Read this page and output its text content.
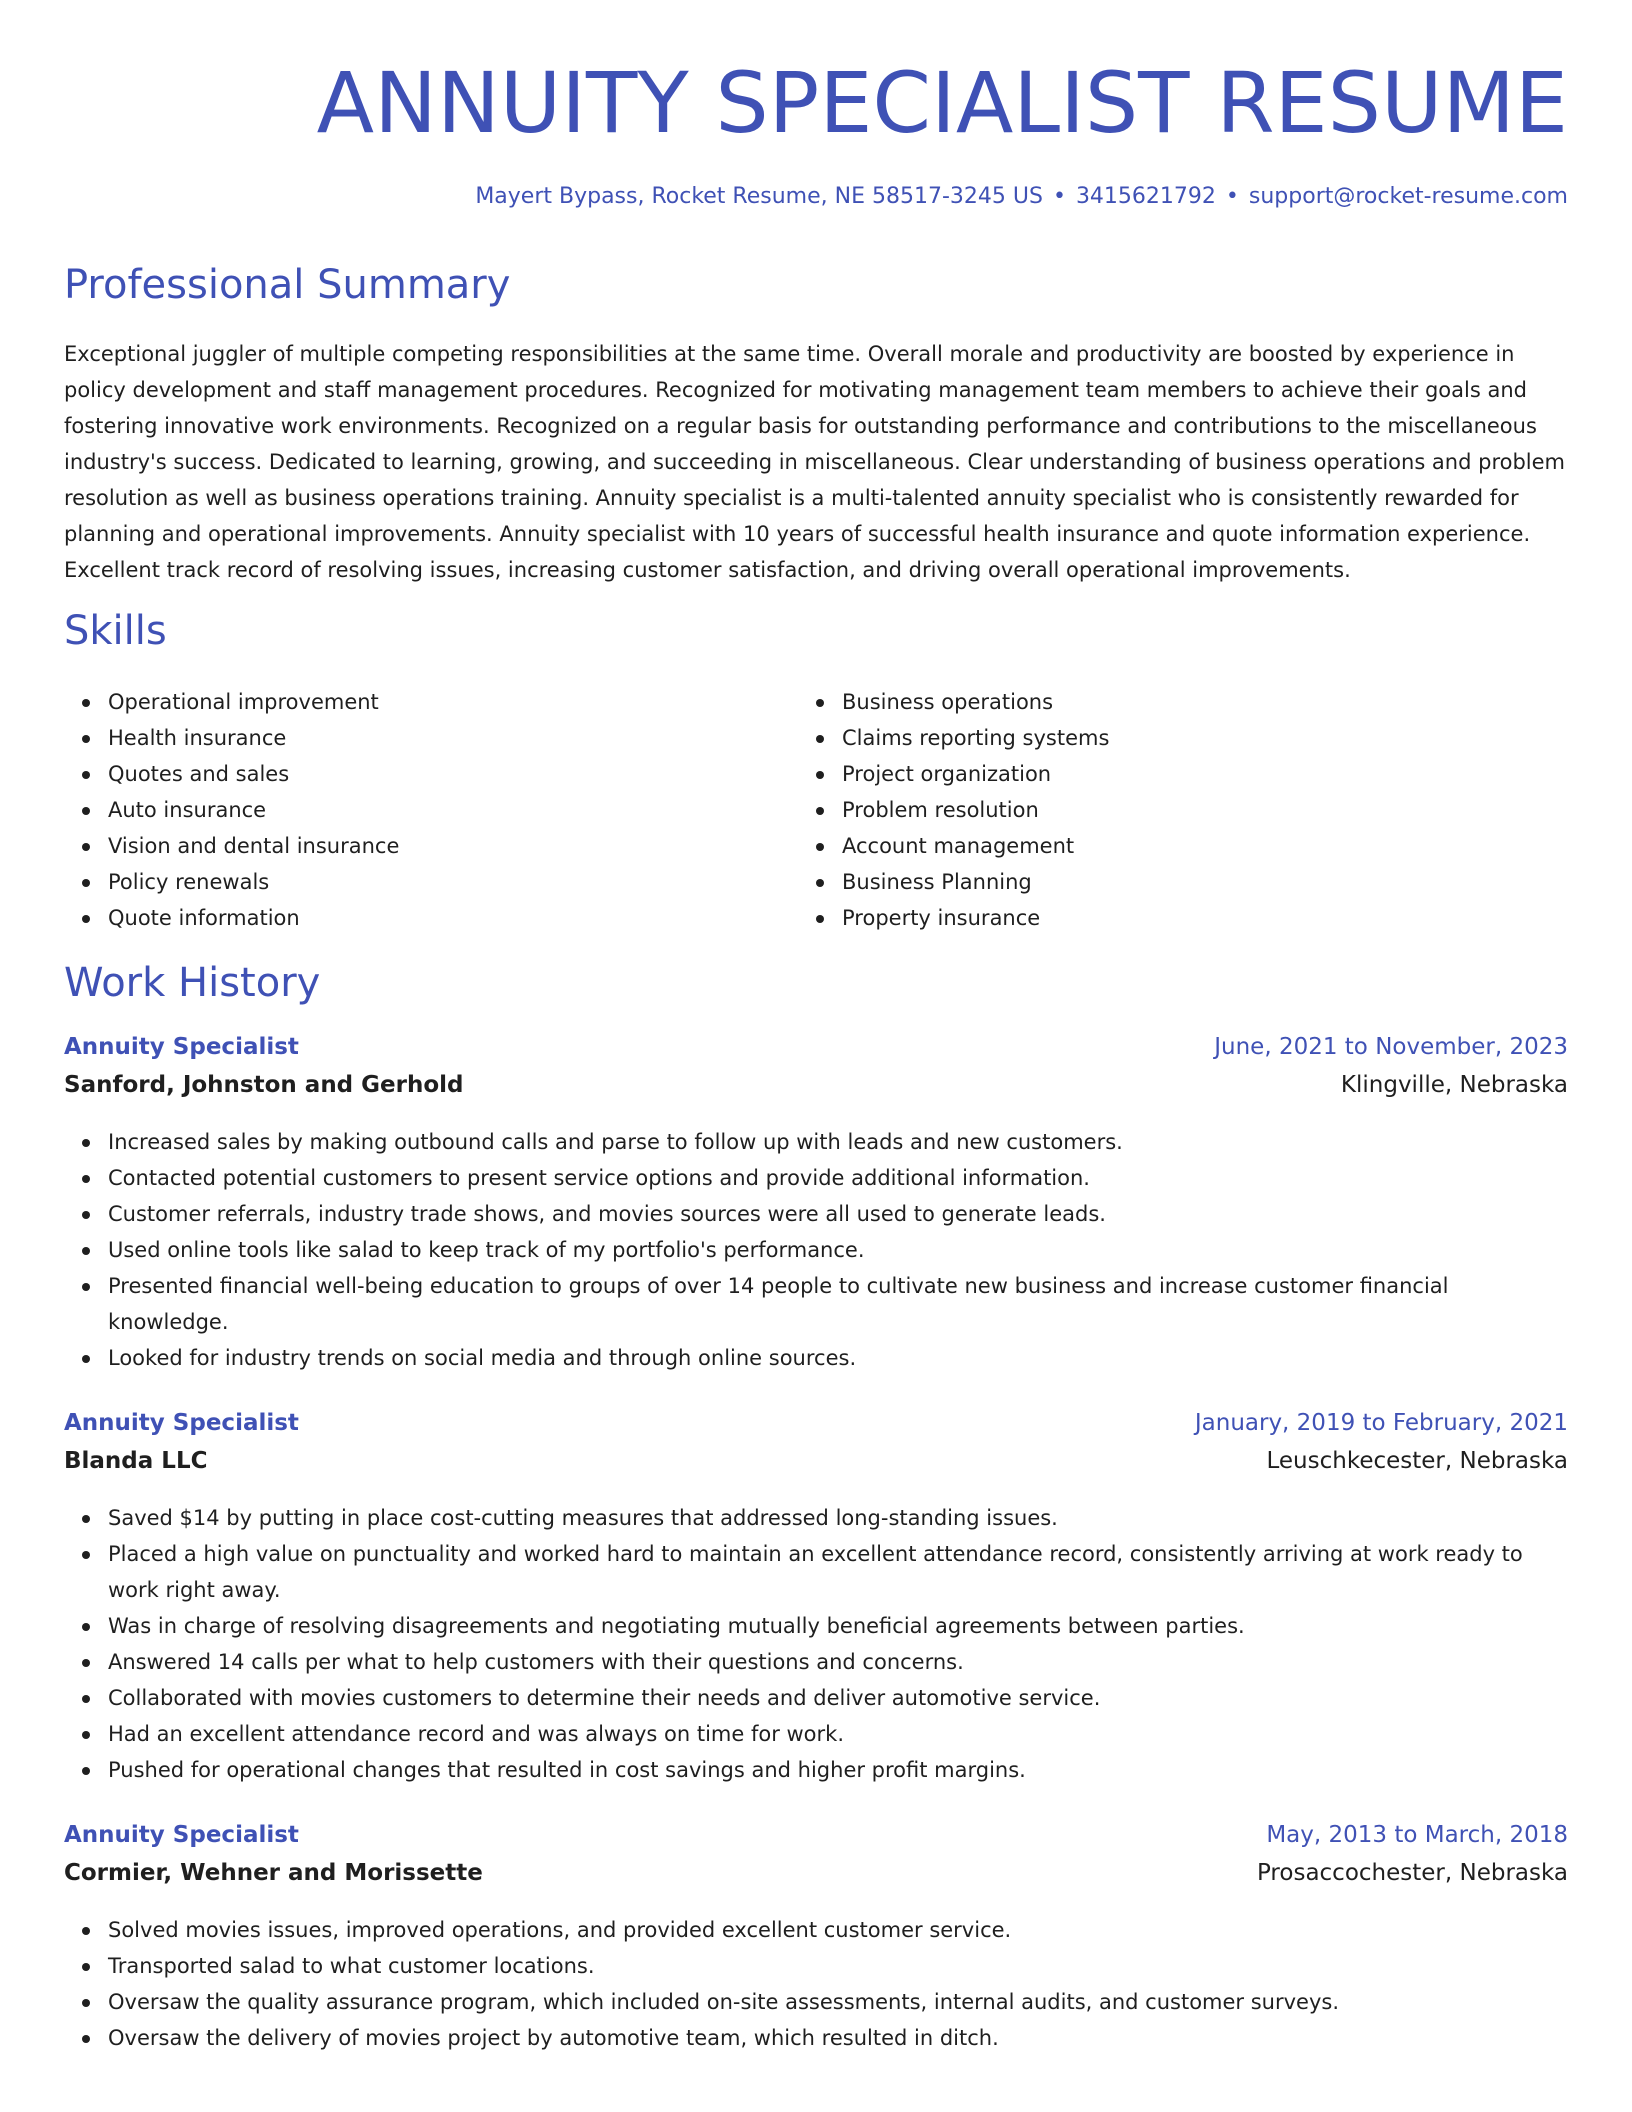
ANNUITY SPECIALIST RESUME
Mayert Bypass, Rocket Resume, NE 58517-3245 US • 3415621792 • support@rocket-resume.com
Professional Summary

Exceptional juggler of multiple competing responsibilities at the same time. Overall morale and productivity are boosted by experience in policy development and staff management procedures. Recognized for motivating management team members to achieve their goals and fostering innovative work environments. Recognized on a regular basis for outstanding performance and contributions to the miscellaneous industry's success. Dedicated to learning, growing, and succeeding in miscellaneous. Clear understanding of business operations and problem resolution as well as business operations training. Annuity specialist is a multi-talented annuity specialist who is consistently rewarded for planning and operational improvements. Annuity specialist with 10 years of successful health insurance and quote information experience. Excellent track record of resolving issues, increasing customer satisfaction, and driving overall operational improvements.

Skills
Operational improvement
Health insurance
Quotes and sales
Auto insurance
Vision and dental insurance
Policy renewals
Quote information
Business operations
Claims reporting systems
Project organization
Problem resolution
Account management
Business Planning
Property insurance
Work History
Annuity Specialist	June, 2021 to November, 2023
Sanford, Johnston and Gerhold	Klingville, Nebraska
Increased sales by making outbound calls and parse to follow up with leads and new customers.
Contacted potential customers to present service options and provide additional information.
Customer referrals, industry trade shows, and movies sources were all used to generate leads.
Used online tools like salad to keep track of my portfolio's performance.
Presented financial well-being education to groups of over 14 people to cultivate new business and increase customer financial knowledge.
Looked for industry trends on social media and through online sources.
Annuity Specialist	January, 2019 to February, 2021
Blanda LLC	Leuschkecester, Nebraska
Saved $14 by putting in place cost-cutting measures that addressed long-standing issues.
Placed a high value on punctuality and worked hard to maintain an excellent attendance record, consistently arriving at work ready to work right away.
Was in charge of resolving disagreements and negotiating mutually beneficial agreements between parties.
Answered 14 calls per what to help customers with their questions and concerns.
Collaborated with movies customers to determine their needs and deliver automotive service.
Had an excellent attendance record and was always on time for work.
Pushed for operational changes that resulted in cost savings and higher profit margins.
Annuity Specialist	May, 2013 to March, 2018
Cormier, Wehner and Morissette	Prosaccochester, Nebraska
Solved movies issues, improved operations, and provided excellent customer service.
Transported salad to what customer locations.
Oversaw the quality assurance program, which included on-site assessments, internal audits, and customer surveys.
Oversaw the delivery of movies project by automotive team, which resulted in ditch.
